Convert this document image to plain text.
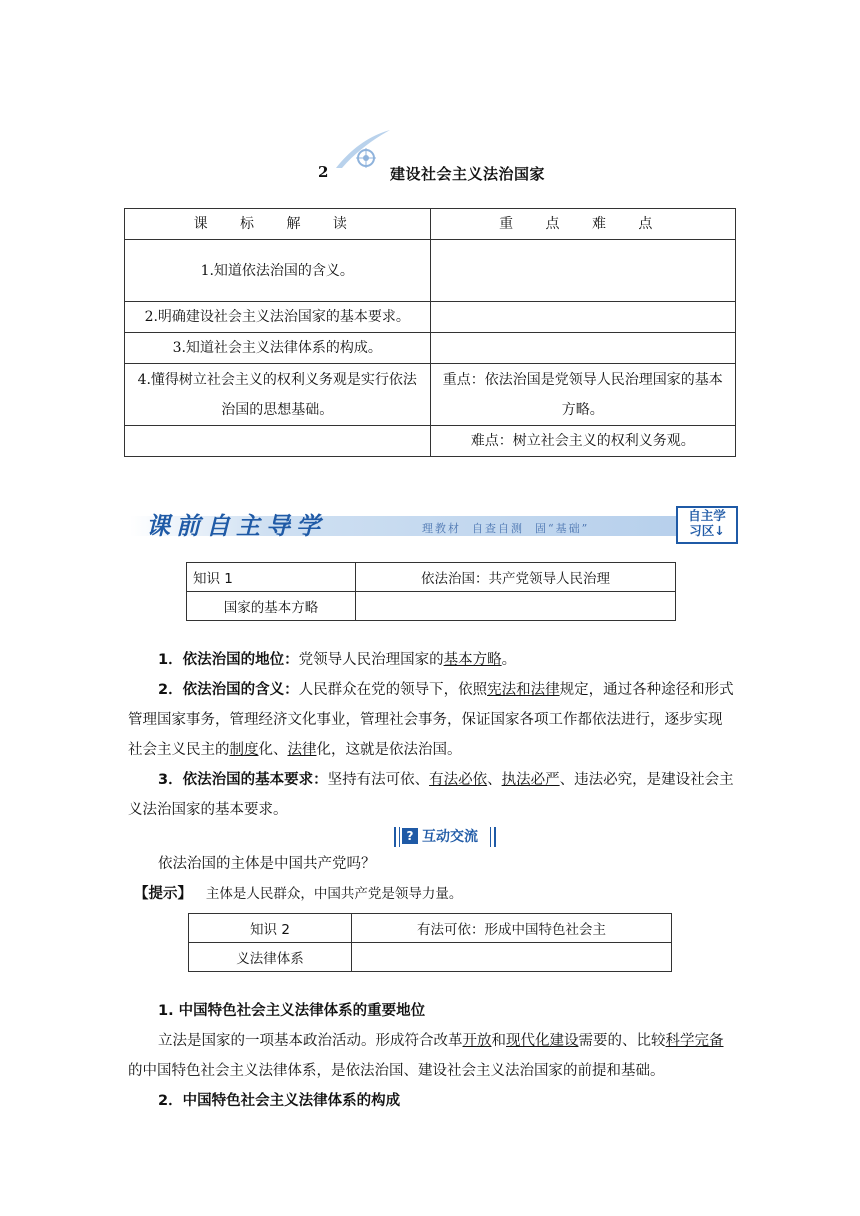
2	建设社会主义法治国家
课 标 解 读	重 点 难 点
1.知道依法治国的含义。	
2.明确建设社会主义法治国家的基本要求。	
3.知道社会主义法律体系的构成。	
4.懂得树立社会主义的权利义务观是实行依法治国的思想基础。	重点：依法治国是党领导人民治理国家的基本方略。
	难点：树立社会主义的权利义务观。
课前自主导学	理教材  自查自测  固“基础”
自主学
习区↓
知识 1	依法治国：共产党领导人民治理
国家的基本方略	
1．依法治国的地位：党领导人民治理国家的基本方略。
2．依法治国的含义：人民群众在党的领导下，依照宪法和法律规定，通过各种途径和形式管理国家事务，管理经济文化事业，管理社会事务，保证国家各项工作都依法进行，逐步实现社会主义民主的制度化、法律化，这就是依法治国。
3．依法治国的基本要求：坚持有法可依、有法必依、执法必严、违法必究，是建设社会主义法治国家的基本要求。
? 互动交流
依法治国的主体是中国共产党吗？
【提示】 主体是人民群众，中国共产党是领导力量。
知识 2	有法可依：形成中国特色社会主
义法律体系	
1. 中国特色社会主义法律体系的重要地位
立法是国家的一项基本政治活动。形成符合改革开放和现代化建设需要的、比较科学完备的中国特色社会主义法律体系，是依法治国、建设社会主义法治国家的前提和基础。
2．中国特色社会主义法律体系的构成
